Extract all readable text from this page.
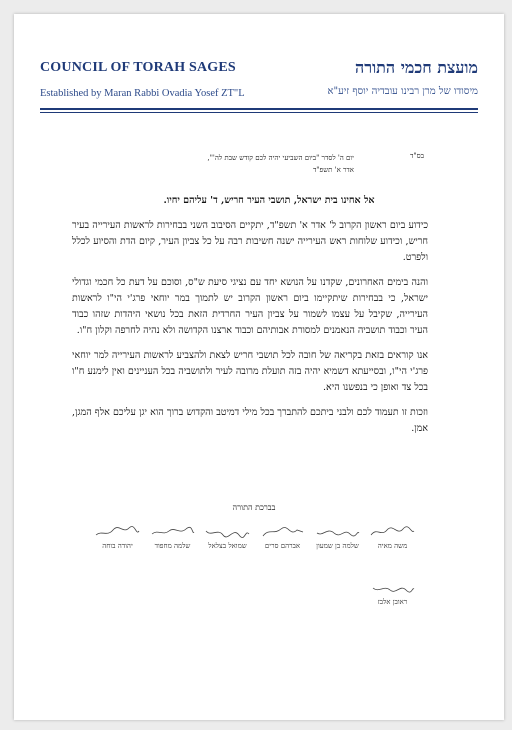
COUNCIL OF TORAH SAGES
Established by Maran Rabbi Ovadia Yosef ZT"L
מועצת חכמי התורה
מיסודו של מרן רבינו עובדיה יוסף זיע"א
בס"ד
יום ה' לסדר "ביום השביעי יהיה לכם קודש שבת לה'",
אדר א' תשפ"ד
אל אחינו בית ישראל, תושבי העיר חריש, ד' עליהם יחיו.

כידוע ביום ראשון הקרוב ל' אדר א' תשפ"ד, יתקיים הסיבוב השני בבחירות לראשות העירייה בעיר חריש, וכידוע שלוחות ראש העירייה ישנה חשיבות רבה על כל צביון העיר, קיום הדת והסיוע לכלל ולפרט.

והנה בימים האחרונים, שקדנו על הנושא יחד עם נציגי סיעת ש"ס, וסוכם על דעת כל חכמי וגדולי ישראל, כי בבחירות שיתקיימו ביום ראשון הקרוב יש לתמוך במר יוחאי פרג'י הי"ו לראשות העירייה, שקיבל על עצמו לשמור על צביון העיר החרדית הזאת בכל נושאי היהדות שזהו כבוד העיר וכבוד תושביה הנאמנים למסורת אבותיהם וכבוד ארצנו הקדושה ולא נהיה לחרפה וקלון ח"ו.

אנו קוראים בזאת בקריאה של חובה לכל תושבי חריש לצאת ולהצביע לראשות העירייה למר יוחאי פרג'י הי"ו, ובסייעתא דשמיא יהיה בזה תועלת מרובה לעיר ולתושביה בכל העניינים ואין לימנע ח"ו בכל צד ואופן כי בנפשנו היא.

וזכות זו תעמוד לכם ולבני ביתכם להתברך בכל מילי דמיטב והקדוש ברוך הוא יגן עליכם אלף המגן, אמן.

בברכת התורה
משה מאיה
שלמה בן שמעון
אברהם סרים
שמואל בצלאל
שלמה מחפוד
יהודה בוחה
ראובן אלבז
